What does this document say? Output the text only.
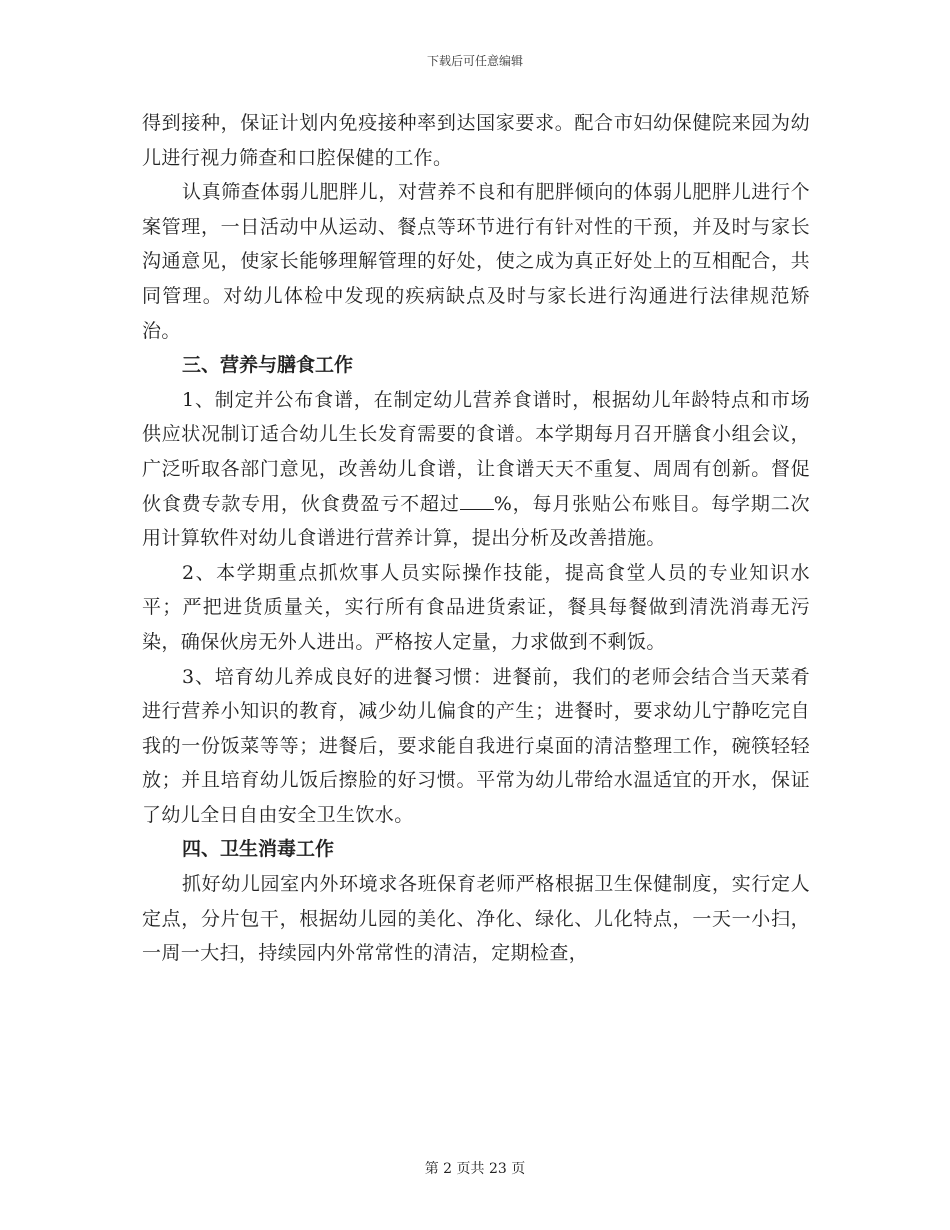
下载后可任意编辑

得到接种，保证计划内免疫接种率到达国家要求。配合市妇幼保健院来园为幼儿进行视力筛查和口腔保健的工作。

认真筛查体弱儿肥胖儿，对营养不良和有肥胖倾向的体弱儿肥胖儿进行个案管理，一日活动中从运动、餐点等环节进行有针对性的干预，并及时与家长沟通意见，使家长能够理解管理的好处，使之成为真正好处上的互相配合，共同管理。对幼儿体检中发现的疾病缺点及时与家长进行沟通进行法律规范矫治。

三、营养与膳食工作

1、制定并公布食谱，在制定幼儿营养食谱时，根据幼儿年龄特点和市场供应状况制订适合幼儿生长发育需要的食谱。本学期每月召开膳食小组会议，广泛听取各部门意见，改善幼儿食谱，让食谱天天不重复、周周有创新。督促伙食费专款专用，伙食费盈亏不超过 %，每月张贴公布账目。每学期二次用计算软件对幼儿食谱进行营养计算，提出分析及改善措施。

2、本学期重点抓炊事人员实际操作技能，提高食堂人员的专业知识水平；严把进货质量关，实行所有食品进货索证，餐具每餐做到清洗消毒无污染，确保伙房无外人进出。严格按人定量，力求做到不剩饭。

3、培育幼儿养成良好的进餐习惯：进餐前，我们的老师会结合当天菜肴进行营养小知识的教育，减少幼儿偏食的产生；进餐时，要求幼儿宁静吃完自我的一份饭菜等等；进餐后，要求能自我进行桌面的清洁整理工作，碗筷轻轻放；并且培育幼儿饭后擦脸的好习惯。平常为幼儿带给水温适宜的开水，保证了幼儿全日自由安全卫生饮水。

四、卫生消毒工作

抓好幼儿园室内外环境求各班保育老师严格根据卫生保健制度，实行定人定点，分片包干，根据幼儿园的美化、净化、绿化、儿化特点，一天一小扫，一周一大扫，持续园内外常常性的清洁，定期检查，

第 2 页共 23 页
